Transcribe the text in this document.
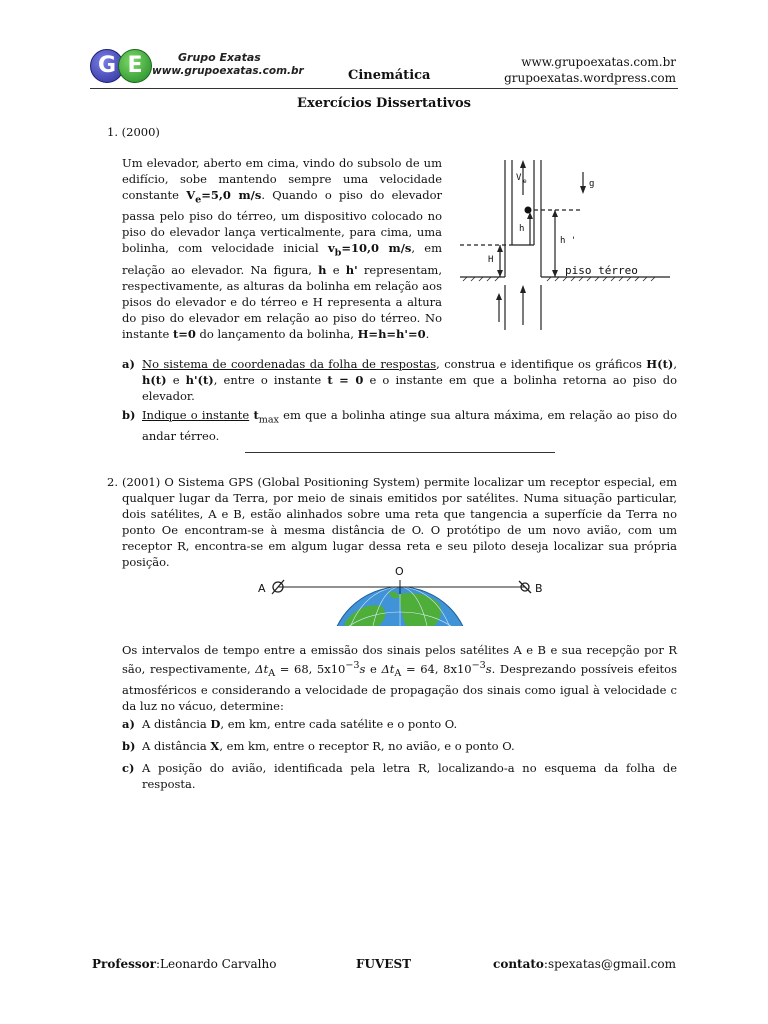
G E	Grupo Exatas
www.grupoexatas.com.br	Cinemática
www.grupoexatas.com.br
grupoexatas.wordpress.com
Exercícios Dissertativos
1. (2000)
Um elevador, aberto em cima, vindo do subsolo de um edifício, sobe mantendo sempre uma velocidade constante $V_e=5,0$ m/s. Quando o piso do elevador passa pelo piso do térreo, um dispositivo colocado no piso do elevador lança verticalmente, para cima, uma bolinha, com velocidade inicial $v_b=10,0$ m/s, em relação ao elevador. Na figura, h e h' representam, respectivamente, as alturas da bolinha em relação aos pisos do elevador e do térreo e H representa a altura do piso do elevador em relação ao piso do térreo. No instante t=0 do lançamento da bolinha, H=h=h'=0.
V e	g
h
h '
H
piso térreo
a) No sistema de coordenadas da folha de respostas, construa e identifique os gráficos H(t), h(t) e h'(t), entre o instante t = 0 e o instante em que a bolinha retorna ao piso do elevador.
b) Indique o instante $t_{max}$ em que a bolinha atinge sua altura máxima, em relação ao piso do andar térreo.
2. (2001) O Sistema GPS (Global Positioning System) permite localizar um receptor especial, em qualquer lugar da Terra, por meio de sinais emitidos por satélites. Numa situação particular, dois satélites, A e B, estão alinhados sobre uma reta que tangencia a superfície da Terra no ponto Oe encontram-se à mesma distância de O. O protótipo de um novo avião, com um receptor R, encontra-se em algum lugar dessa reta e seu piloto deseja localizar sua própria posição.
A
O
B
Os intervalos de tempo entre a emissão dos sinais pelos satélites A e B e sua recepção por R são, respectivamente, $\Delta t_A = 68$, $5x10^{-3}s$ e $\Delta t_A = 64$, $8x10^{-3}s$. Desprezando possíveis efeitos atmosféricos e considerando a velocidade de propagação dos sinais como igual à velocidade c da luz no vácuo, determine:
a) A distância D, em km, entre cada satélite e o ponto O.
b) A distância X, em km, entre o receptor R, no avião, e o ponto O.
c) A posição do avião, identificada pela letra R, localizando-a no esquema da folha de resposta.
Professor:Leonardo Carvalho	FUVEST	contato:spexatas@gmail.com
